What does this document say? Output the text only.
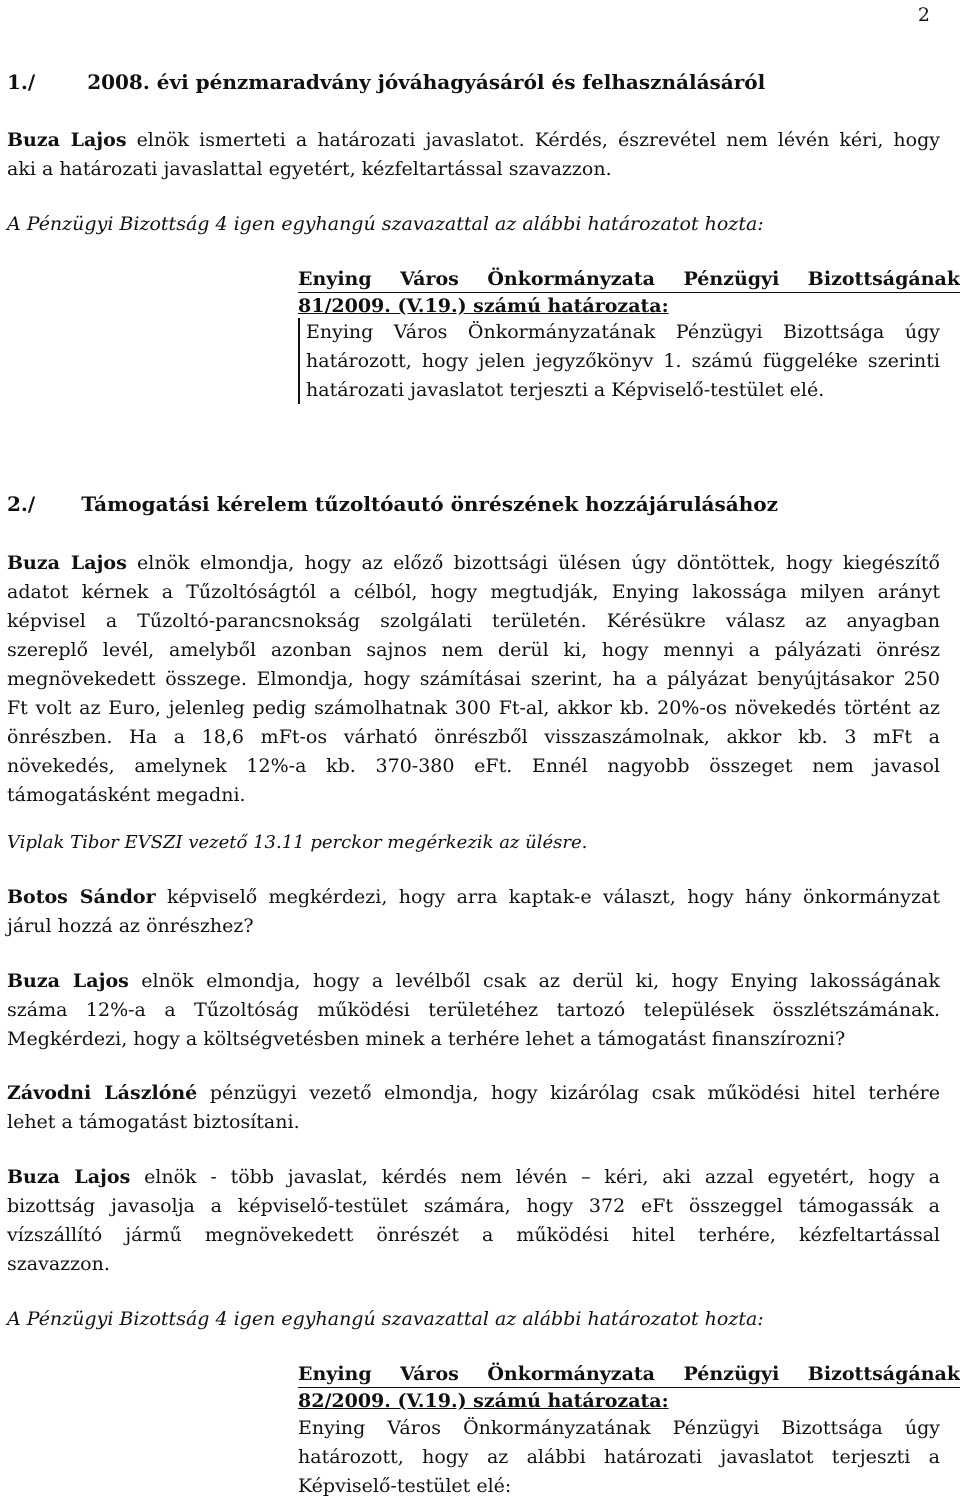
2
1./	2008. évi pénzmaradvány jóváhagyásáról és felhasználásáról
Buza Lajos elnök ismerteti a határozati javaslatot. Kérdés, észrevétel nem lévén kéri, hogy
aki a határozati javaslattal egyetért, kézfeltartással szavazzon.
A Pénzügyi Bizottság 4 igen egyhangú szavazattal az alábbi határozatot hozta:
Enying Város Önkormányzata Pénzügyi Bizottságának
81/2009. (V.19.) számú határozata:
Enying Város Önkormányzatának Pénzügyi Bizottsága úgy
határozott, hogy jelen jegyzőkönyv 1. számú függeléke szerinti
határozati javaslatot terjeszti a Képviselő-testület elé.
2./ Támogatási kérelem tűzoltóautó önrészének hozzájárulásához
Buza Lajos elnök elmondja, hogy az előző bizottsági ülésen úgy döntöttek, hogy kiegészítő
adatot kérnek a Tűzoltóságtól a célból, hogy megtudják, Enying lakossága milyen arányt
képvisel a Tűzoltó-parancsnokság szolgálati területén. Kérésükre válasz az anyagban
szereplő levél, amelyből azonban sajnos nem derül ki, hogy mennyi a pályázati önrész
megnövekedett összege. Elmondja, hogy számításai szerint, ha a pályázat benyújtásakor 250
Ft volt az Euro, jelenleg pedig számolhatnak 300 Ft-al, akkor kb. 20%-os növekedés történt az
önrészben. Ha a 18,6 mFt-os várható önrészből visszaszámolnak, akkor kb. 3 mFt a
növekedés, amelynek 12%-a kb. 370-380 eFt. Ennél nagyobb összeget nem javasol
támogatásként megadni.
Viplak Tibor EVSZI vezető 13.11 perckor megérkezik az ülésre.
Botos Sándor képviselő megkérdezi, hogy arra kaptak-e választ, hogy hány önkormányzat
járul hozzá az önrészhez?
Buza Lajos elnök elmondja, hogy a levélből csak az derül ki, hogy Enying lakosságának
száma 12%-a a Tűzoltóság működési területéhez tartozó települések összlétszámának.
Megkérdezi, hogy a költségvetésben minek a terhére lehet a támogatást finanszírozni?
Závodni Lászlóné pénzügyi vezető elmondja, hogy kizárólag csak működési hitel terhére
lehet a támogatást biztosítani.
Buza Lajos elnök - több javaslat, kérdés nem lévén – kéri, aki azzal egyetért, hogy a
bizottság javasolja a képviselő-testület számára, hogy 372 eFt összeggel támogassák a
vízszállító jármű megnövekedett önrészét a működési hitel terhére, kézfeltartással
szavazzon.
A Pénzügyi Bizottság 4 igen egyhangú szavazattal az alábbi határozatot hozta:
Enying Város Önkormányzata Pénzügyi Bizottságának
82/2009. (V.19.) számú határozata:
Enying Város Önkormányzatának Pénzügyi Bizottsága úgy
határozott, hogy az alábbi határozati javaslatot terjeszti a
Képviselő-testület elé:
